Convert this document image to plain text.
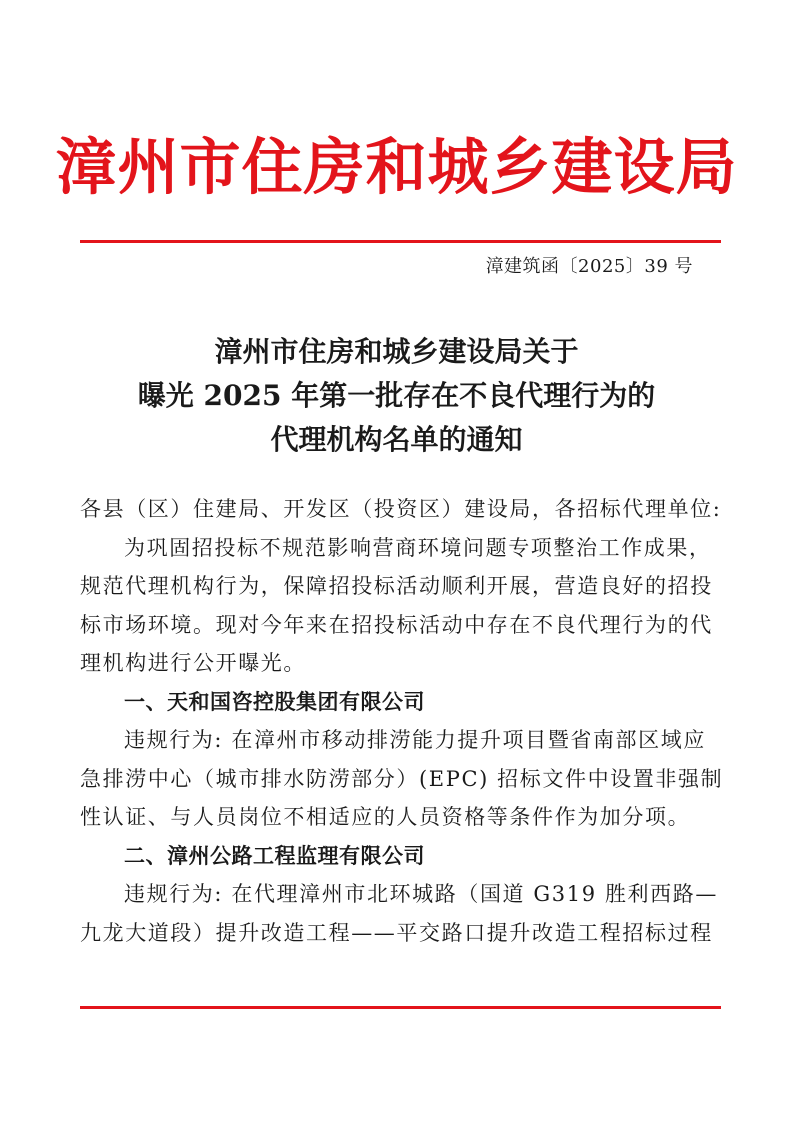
漳州市住房和城乡建设局
漳建筑函〔2025〕39 号
漳州市住房和城乡建设局关于
曝光 2025 年第一批存在不良代理行为的
代理机构名单的通知
各县（区）住建局、开发区（投资区）建设局，各招标代理单位:
为巩固招投标不规范影响营商环境问题专项整治工作成果，
规范代理机构行为，保障招投标活动顺利开展，营造良好的招投
标市场环境。现对今年来在招投标活动中存在不良代理行为的代
理机构进行公开曝光。
一、天和国咨控股集团有限公司
违规行为: 在漳州市移动排涝能力提升项目暨省南部区域应
急排涝中心（城市排水防涝部分）(EPC) 招标文件中设置非强制
性认证、与人员岗位不相适应的人员资格等条件作为加分项。
二、漳州公路工程监理有限公司
违规行为: 在代理漳州市北环城路（国道 G319 胜利西路—
九龙大道段）提升改造工程——平交路口提升改造工程招标过程
